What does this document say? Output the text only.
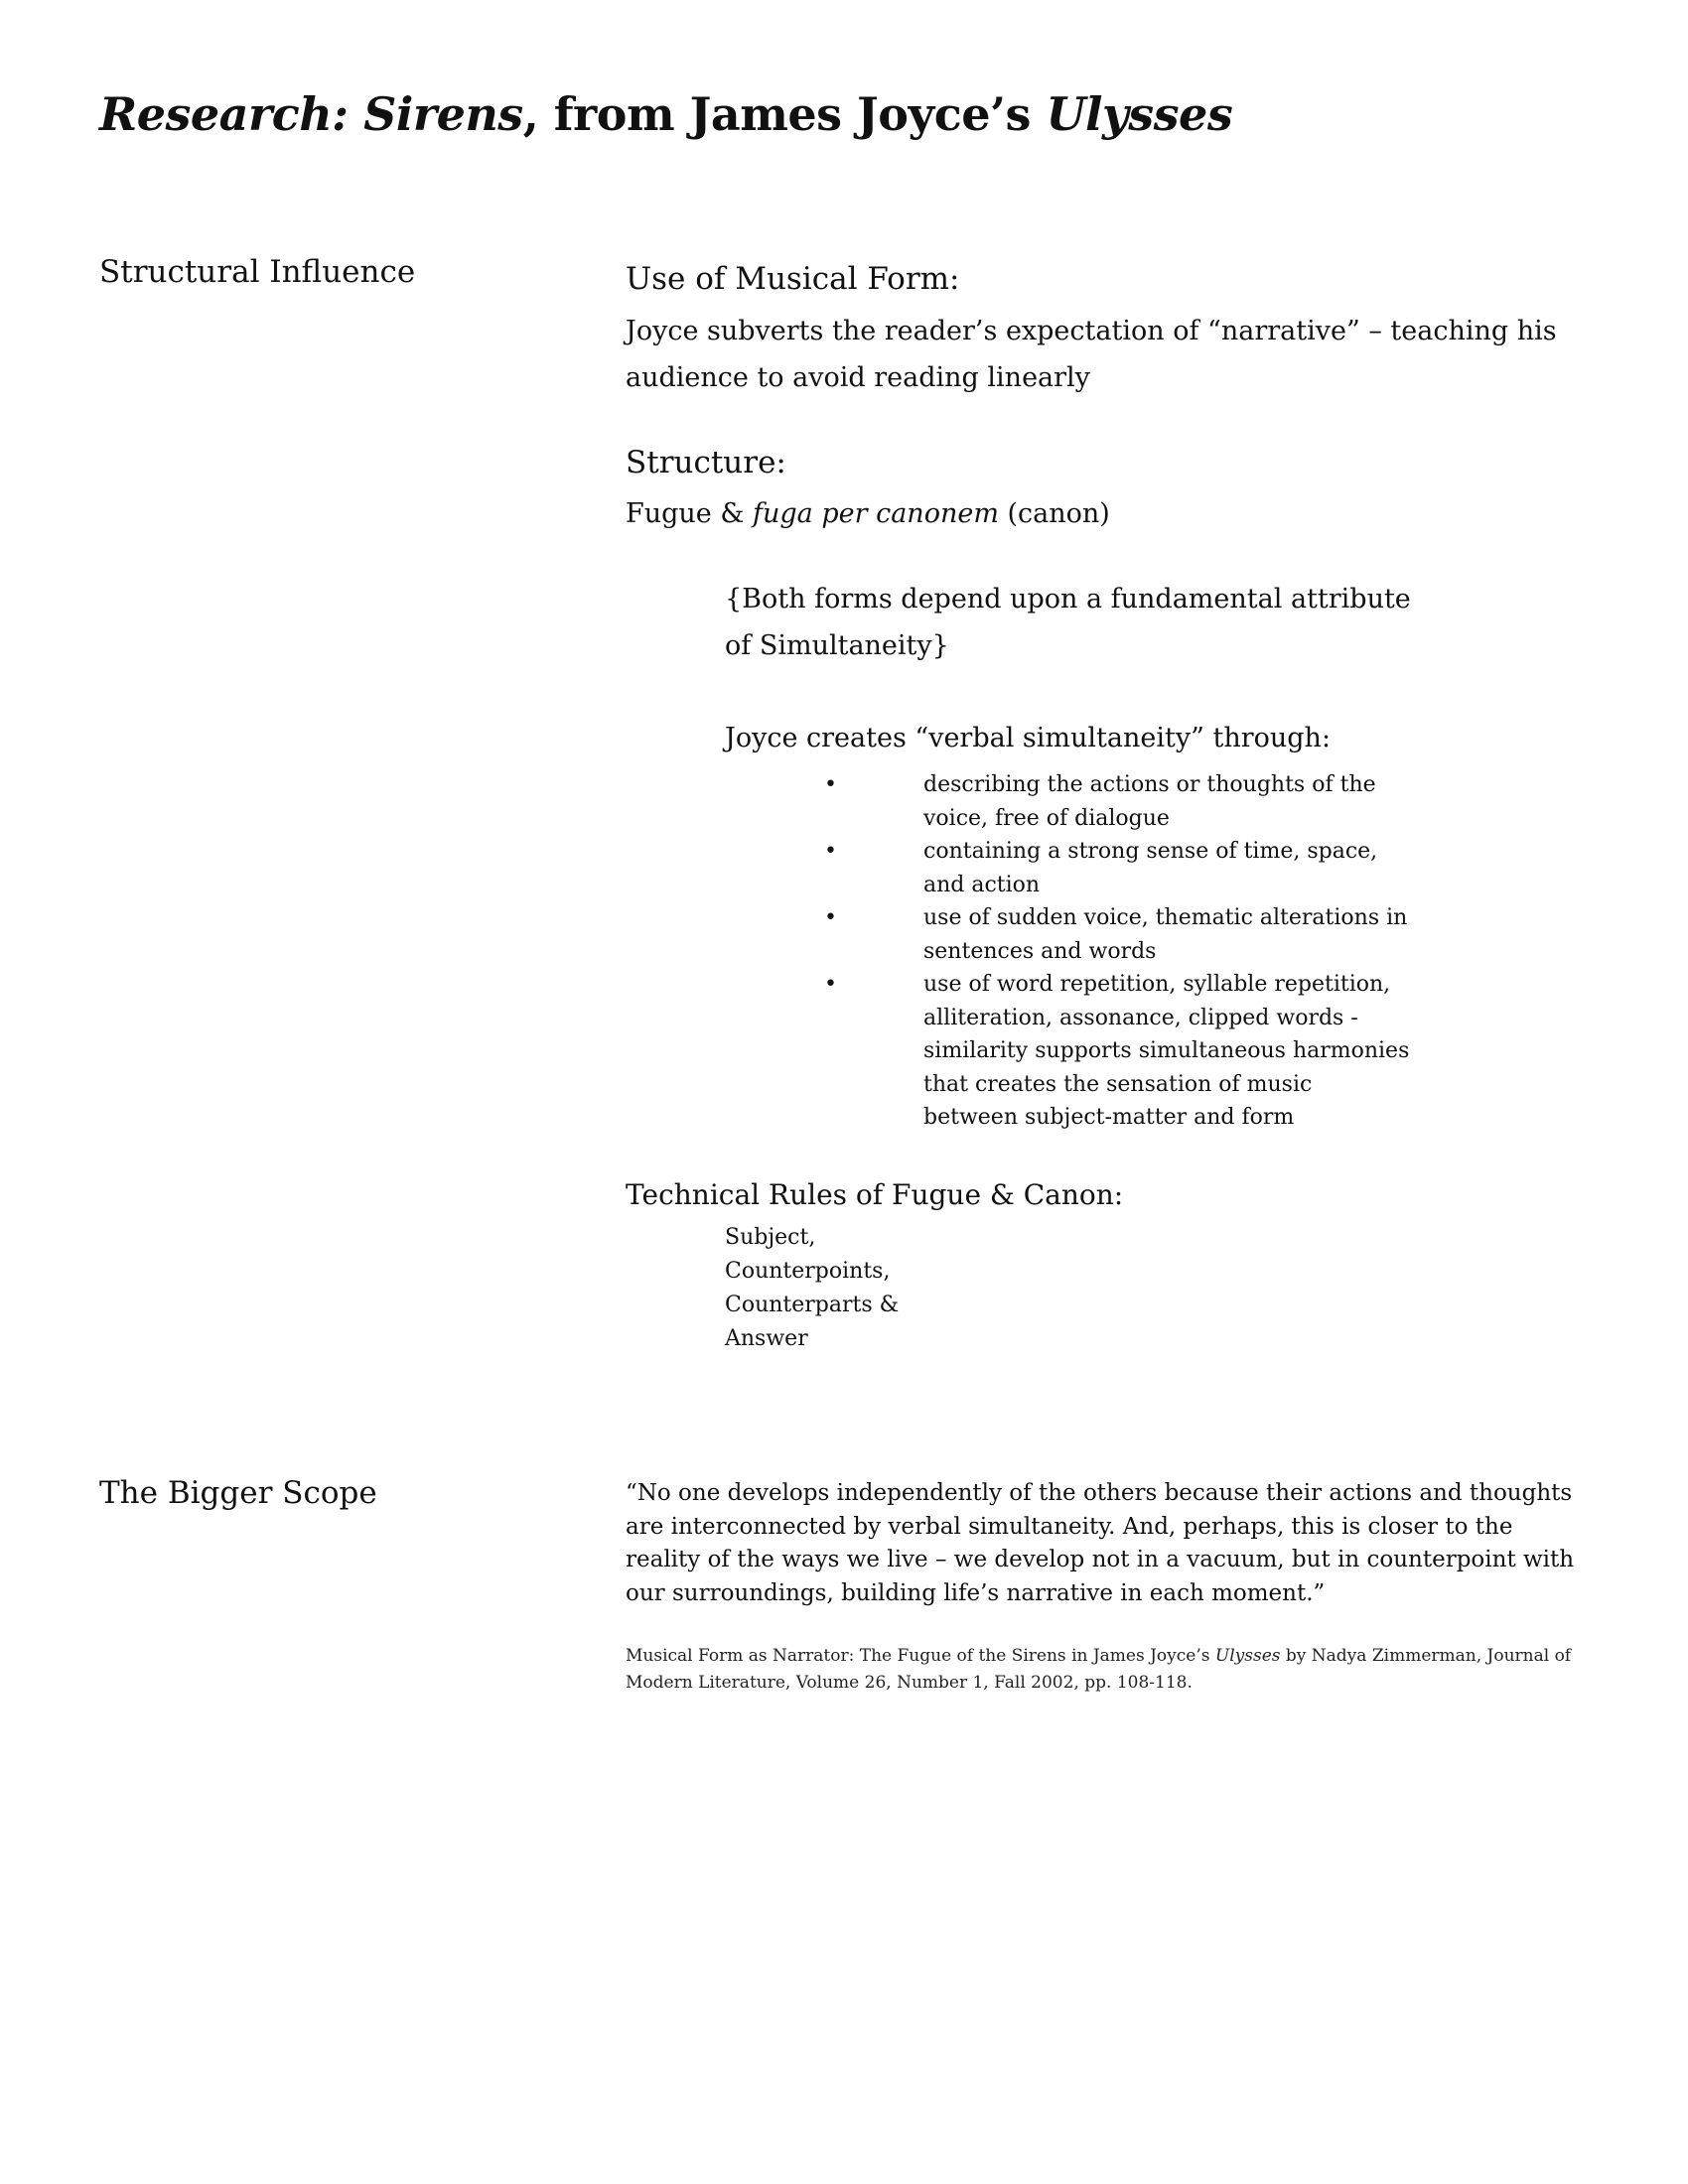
Research: Sirens, from James Joyce’s Ulysses
Structural Influence	Use of Musical Form:
Joyce subverts the reader’s expectation of “narrative” – teaching his audience to avoid reading linearly
Structure:
Fugue & fuga per canonem (canon)
{Both forms depend upon a fundamental attribute
of Simultaneity}
Joyce creates “verbal simultaneity” through:
•	describing the actions or thoughts of the voice, free of dialogue
•	containing a strong sense of time, space, and action
•	use of sudden voice, thematic alterations in sentences and words
•	use of word repetition, syllable repetition, alliteration, assonance, clipped words - similarity supports simultaneous harmonies that creates the sensation of music between subject-matter and form
Technical Rules of Fugue & Canon:
Subject,
Counterpoints,
Counterparts &
Answer
The Bigger Scope	“No one develops independently of the others because their actions and thoughts are interconnected by verbal simultaneity. And, perhaps, this is closer to the reality of the ways we live – we develop not in a vacuum, but in counterpoint with our surroundings, building life’s narrative in each moment.”
Musical Form as Narrator: The Fugue of the Sirens in James Joyce’s Ulysses by Nadya Zimmerman, Journal of Modern Literature, Volume 26, Number 1, Fall 2002, pp. 108-118.
